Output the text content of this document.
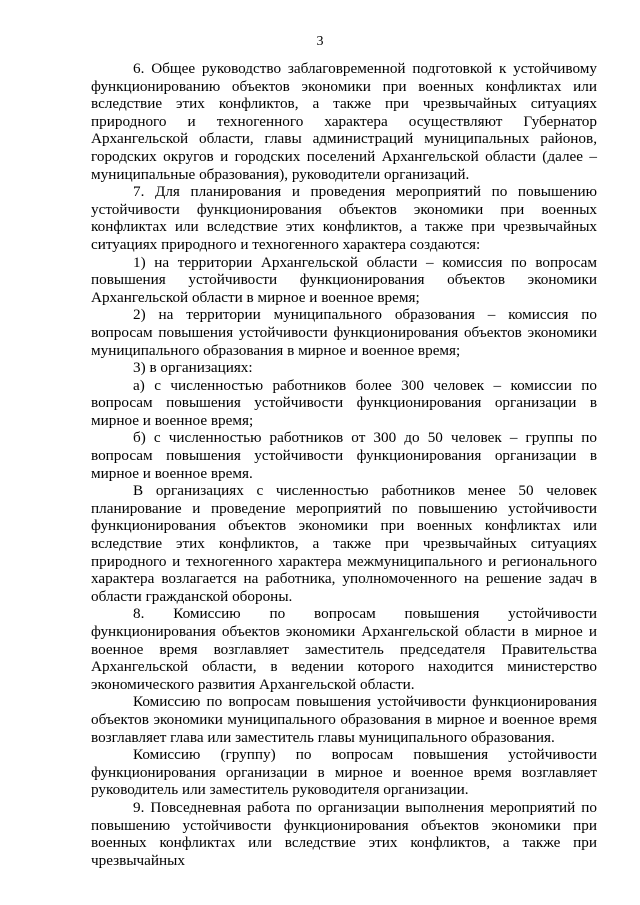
3

6. Общее руководство заблаговременной подготовкой к устойчивому функционированию объектов экономики при военных конфликтах или вследствие этих конфликтов, а также при чрезвычайных ситуациях природного и техногенного характера осуществляют Губернатор Архангельской области, главы администраций муниципальных районов, городских округов и городских поселений Архангельской области (далее – муниципальные образования), руководители организаций.

7. Для планирования и проведения мероприятий по повышению устойчивости функционирования объектов экономики при военных конфликтах или вследствие этих конфликтов, а также при чрезвычайных ситуациях природного и техногенного характера создаются:

1) на территории Архангельской области – комиссия по вопросам повышения устойчивости функционирования объектов экономики Архангельской области в мирное и военное время;

2) на территории муниципального образования – комиссия по вопросам повышения устойчивости функционирования объектов экономики муниципального образования в мирное и военное время;

3) в организациях:

а) с численностью работников более 300 человек – комиссии по вопросам повышения устойчивости функционирования организации в мирное и военное время;

б) с численностью работников от 300 до 50 человек – группы по вопросам повышения устойчивости функционирования организации в мирное и военное время.

В организациях с численностью работников менее 50 человек планирование и проведение мероприятий по повышению устойчивости функционирования объектов экономики при военных конфликтах или вследствие этих конфликтов, а также при чрезвычайных ситуациях природного и техногенного характера межмуниципального и регионального характера возлагается на работника, уполномоченного на решение задач в области гражданской обороны.

8. Комиссию по вопросам повышения устойчивости функционирования объектов экономики Архангельской области в мирное и военное время возглавляет заместитель председателя Правительства Архангельской области, в ведении которого находится министерство экономического развития Архангельской области.

Комиссию по вопросам повышения устойчивости функционирования объектов экономики муниципального образования в мирное и военное время возглавляет глава или заместитель главы муниципального образования.

Комиссию (группу) по вопросам повышения устойчивости функционирования организации в мирное и военное время возглавляет руководитель или заместитель руководителя организации.

9. Повседневная работа по организации выполнения мероприятий по повышению устойчивости функционирования объектов экономики при военных конфликтах или вследствие этих конфликтов, а также при чрезвычайных
